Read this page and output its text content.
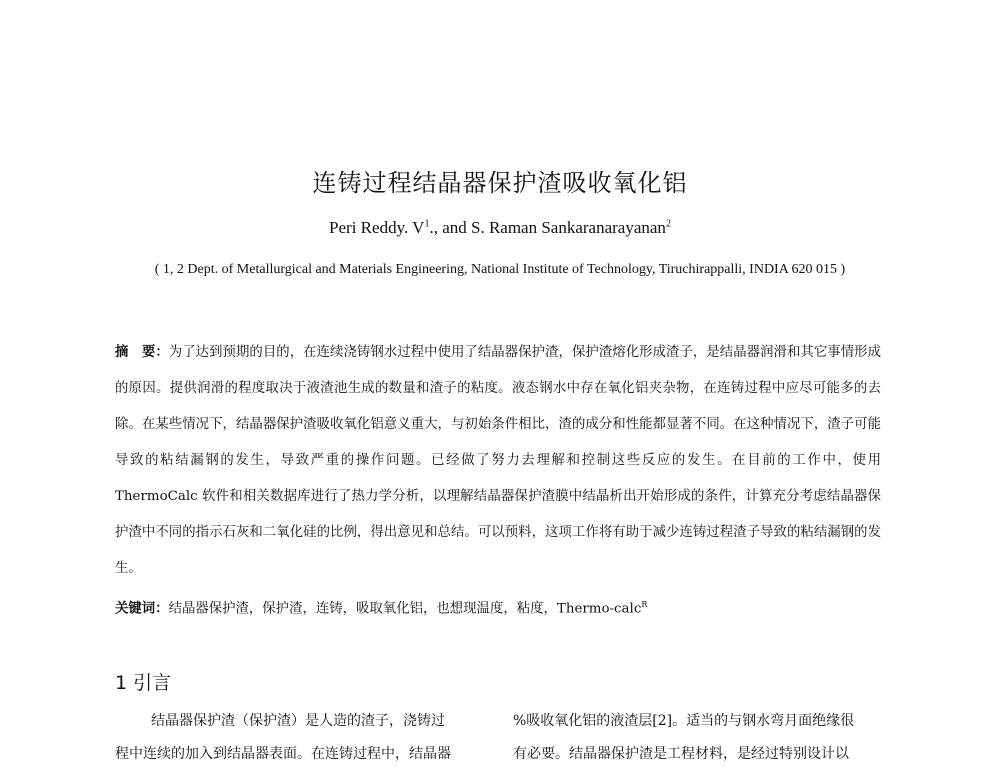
连铸过程结晶器保护渣吸收氧化铝
Peri Reddy. $V^1$., and S. Raman Sankaranarayanan$^2$
( 1, 2 Dept. of Metallurgical and Materials Engineering, National Institute of Technology, Tiruchirappalli, INDIA 620 015 )
摘　要：为了达到预期的目的，在连续浇铸钢水过程中使用了结晶器保护渣，保护渣熔化形成渣子，是结晶器润滑和其它事情形成的原因。提供润滑的程度取决于液渣池生成的数量和渣子的粘度。液态钢水中存在氧化铝夹杂物，在连铸过程中应尽可能多的去除。在某些情况下，结晶器保护渣吸收氧化铝意义重大，与初始条件相比，渣的成分和性能都显著不同。在这种情况下，渣子可能导致的粘结漏钢的发生，导致严重的操作问题。已经做了努力去理解和控制这些反应的发生。在目前的工作中，使用 ThermoCalc 软件和相关数据库进行了热力学分析，以理解结晶器保护渣膜中结晶析出开始形成的条件，计算充分考虑结晶器保护渣中不同的指示石灰和二氧化硅的比例，得出意见和总结。可以预料，这项工作将有助于减少连铸过程渣子导致的粘结漏钢的发生。
关键词：结晶器保护渣，保护渣，连铸，吸取氧化铝，也想现温度，粘度，Thermo-calc$^R$
1 引言
结晶器保护渣（保护渣）是人造的渣子，浇铸过
程中连续的加入到结晶器表面。在连铸过程中，结晶器
%吸收氧化铝的液渣层[2]。适当的与钢水弯月面绝缘很
有必要。结晶器保护渣是工程材料，是经过特别设计以
